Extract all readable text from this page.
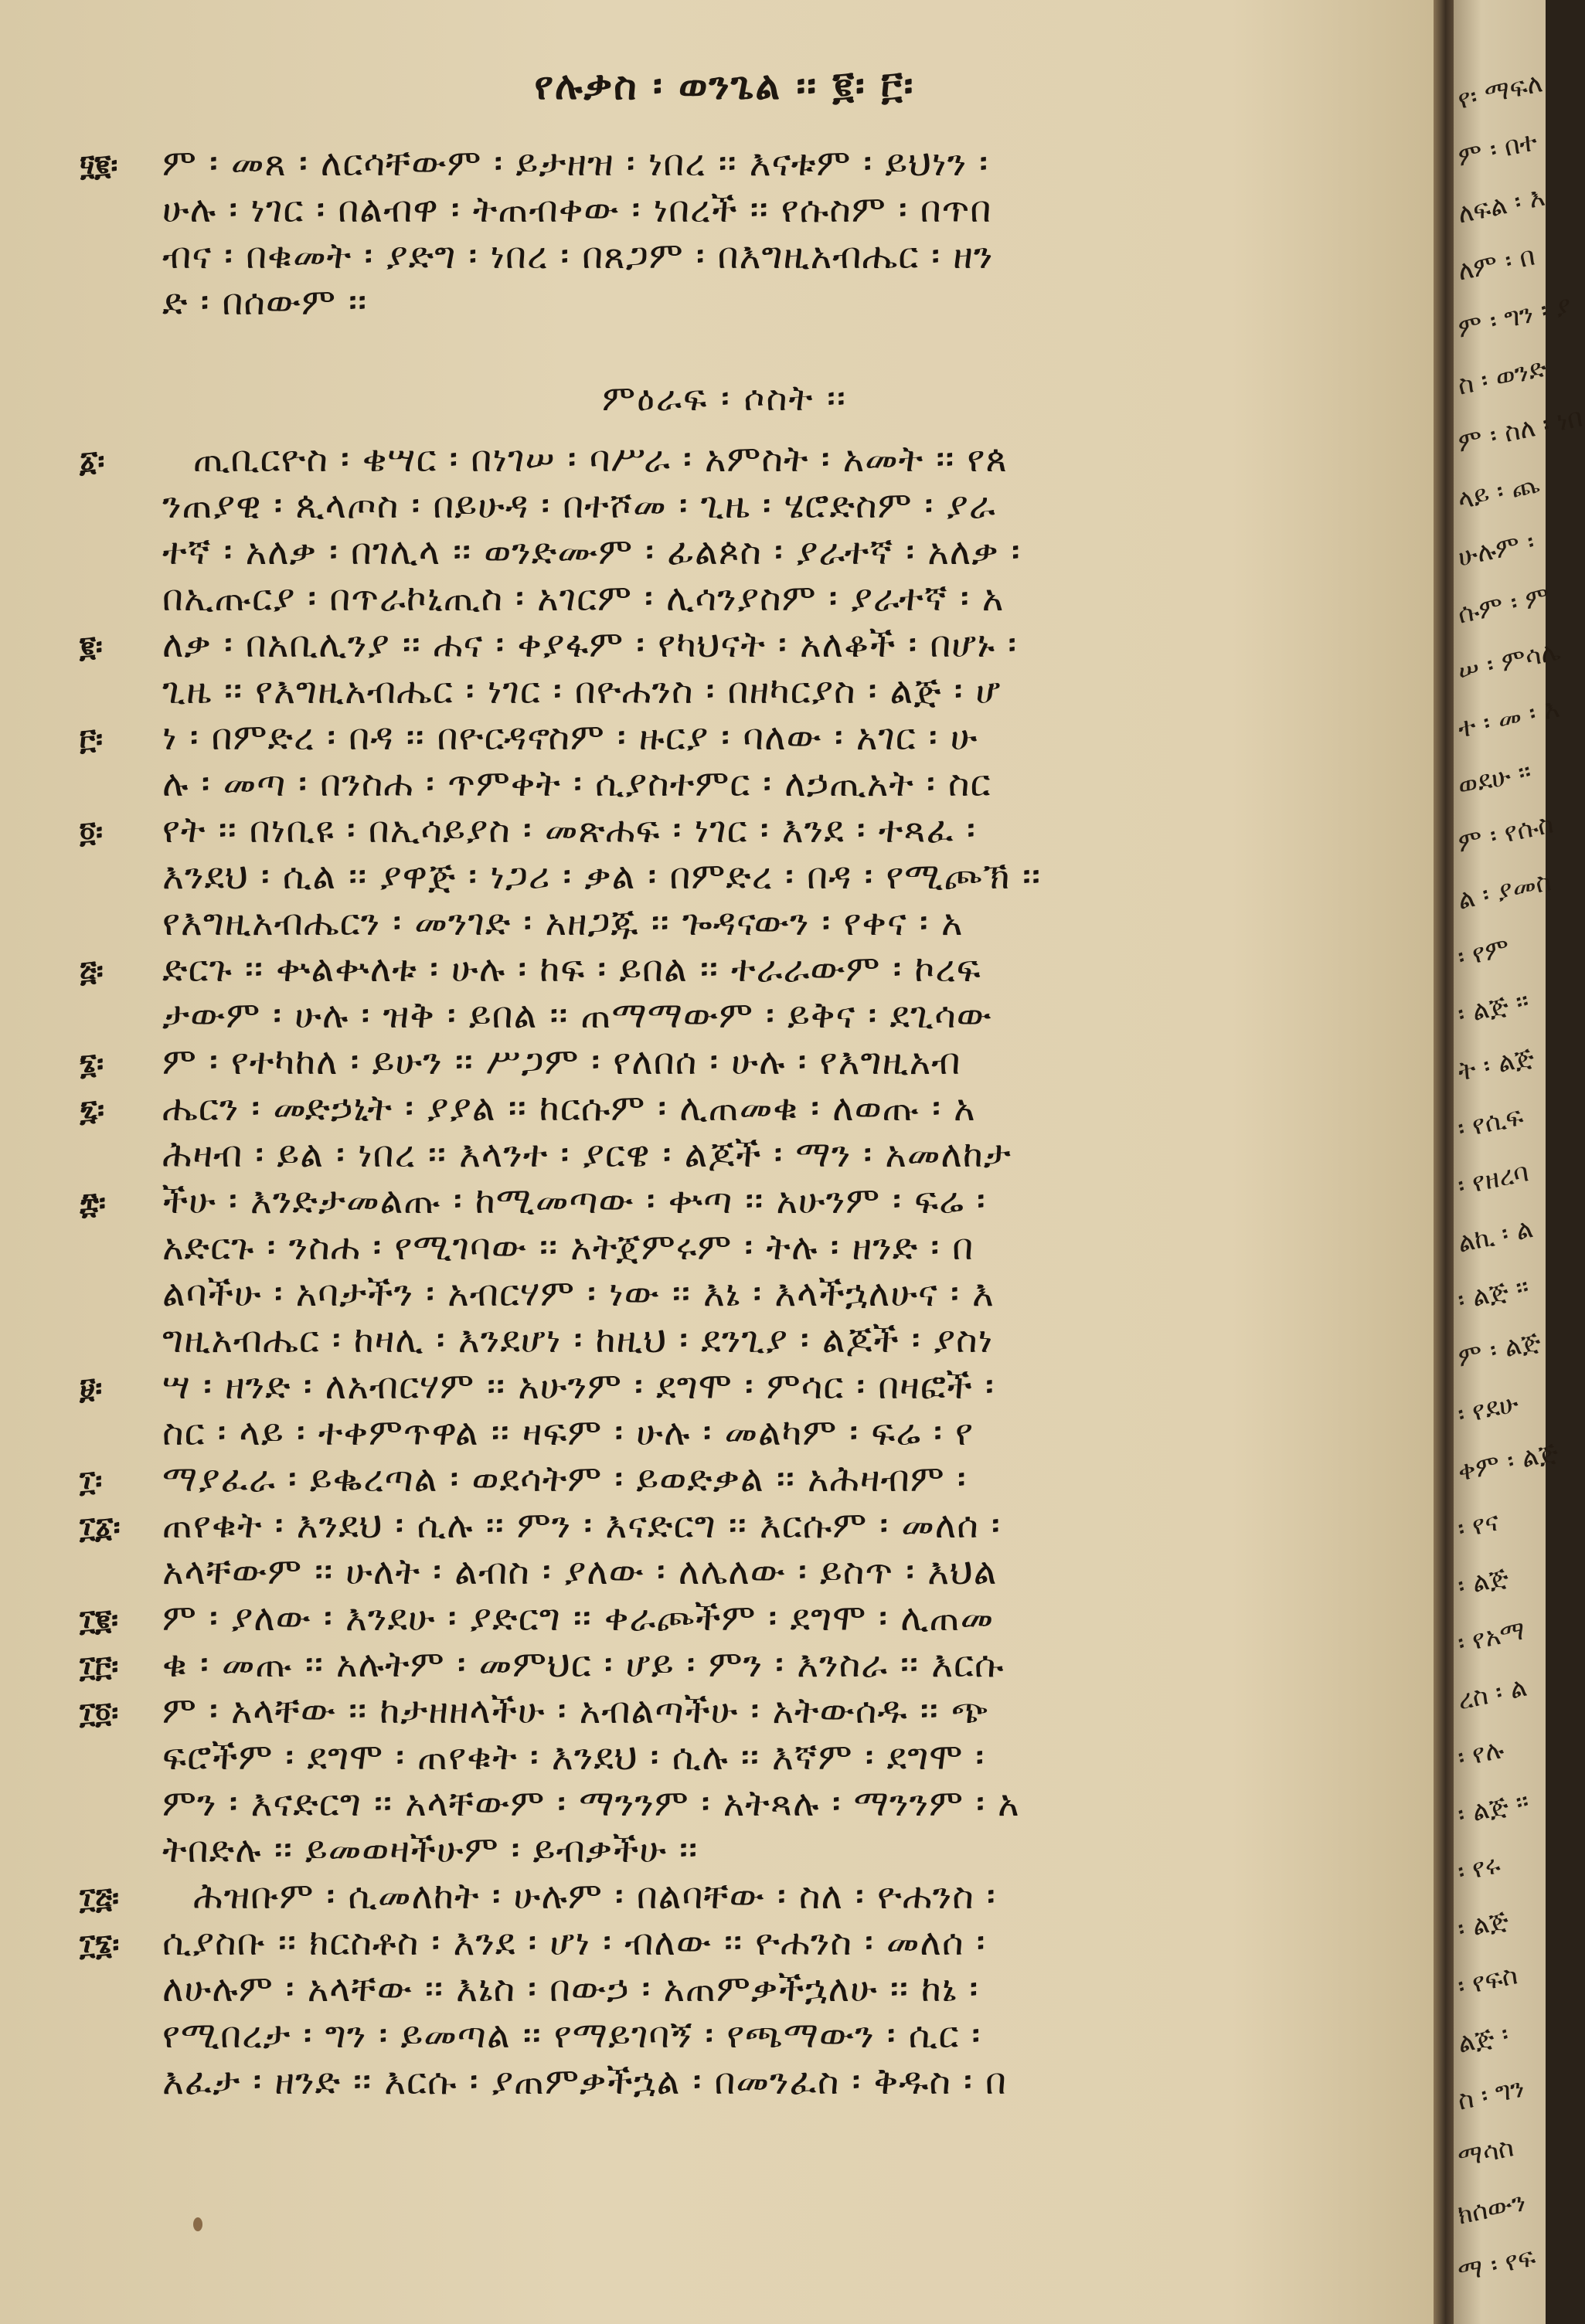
የሉቃስ ፡ ወንጌል ፡፡ ፪፡ ፫፡
ም ፡ መጸ ፡ ለርሳቸውም ፡ ይታዘዝ ፡ ነበረ ፡፡ እናቱም ፡ ይህነን ፡
ሁሉ ፡ ነገር ፡ በልብዋ ፡ ትጠብቀው ፡ ነበረች ፡፡ የሱስም ፡ በጥበ
ብና ፡ በቁመት ፡ ያድግ ፡ ነበረ ፡ በጸጋም ፡ በእግዚአብሔር ፡ ዘን
ድ ፡ በሰውም ፡፡
ምዕራፍ ፡ ሶስት ፡፡
ጢቢርዮስ ፡ ቄሣር ፡ በነገሠ ፡ ባሥራ ፡ አምስት ፡ አመት ፡፡ የጰ
ንጠያዊ ፡ ጲላጦስ ፡ በይሁዳ ፡ በተሾመ ፡ ጊዜ ፡ ሄሮድስም ፡ ያራ
ተኛ ፡ አለቃ ፡ በገሊላ ፡፡ ወንድሙም ፡ ፊልጶስ ፡ ያራተኛ ፡ አለቃ ፡
በኢጡርያ ፡ በጥራኮኒጢስ ፡ አገርም ፡ ሊሳንያስም ፡ ያራተኛ ፡ አ
ለቃ ፡ በአቢሊንያ ፡፡ ሐና ፡ ቀያፋም ፡ የካህናት ፡ አለቆች ፡ በሆኑ ፡
ጊዜ ፡፡ የእግዚአብሔር ፡ ነገር ፡ በዮሐንስ ፡ በዘካርያስ ፡ ልጅ ፡ ሆ
ነ ፡ በምድረ ፡ በዳ ፡፡ በዮርዳኖስም ፡ ዙርያ ፡ ባለው ፡ አገር ፡ ሁ
ሉ ፡ መጣ ፡ በንስሐ ፡ ጥምቀት ፡ ሲያስተምር ፡ ለኃጢአት ፡ ስር
የት ፡፡ በነቢዩ ፡ በኢሳይያስ ፡ መጽሐፍ ፡ ነገር ፡ እንደ ፡ ተጻፈ ፡
እንደህ ፡ ሲል ፡፡ ያዋጅ ፡ ነጋሪ ፡ ቃል ፡ በምድረ ፡ በዳ ፡ የሚጮኽ ፡፡
የእግዚአብሔርን ፡ መንገድ ፡ አዘጋጁ ፡፡ ጐዳናውን ፡ የቀና ፡ አ
ድርጉ ፡፡ ቍልቍለቱ ፡ ሁሉ ፡ ከፍ ፡ ይበል ፡፡ ተራራውም ፡ ኮረፍ
ታውም ፡ ሁሉ ፡ ዝቅ ፡ ይበል ፡፡ ጠማማውም ፡ ይቅና ፡ ደጊሳው
ም ፡ የተካከለ ፡ ይሁን ፡፡ ሥጋም ፡ የለበሰ ፡ ሁሉ ፡ የእግዚአብ
ሔርን ፡ መድኃኒት ፡ ያያል ፡፡ ከርሱም ፡ ሊጠመቁ ፡ ለወጡ ፡ አ
ሕዛብ ፡ ይል ፡ ነበረ ፡፡ እላንተ ፡ ያርዌ ፡ ልጆች ፡ ማን ፡ አመለከታ
ችሁ ፡ እንድታመልጡ ፡ ከሚመጣው ፡ ቍጣ ፡፡ አሁንም ፡ ፍሬ ፡
አድርጉ ፡ ንስሐ ፡ የሚገባው ፡፡ አትጀምሩም ፡ ትሉ ፡ ዘንድ ፡ በ
ልባችሁ ፡ አባታችን ፡ አብርሃም ፡ ነው ፡፡ እኔ ፡ እላችኋለሁና ፡ እ
ግዚአብሔር ፡ ከዛሊ ፡ እንደሆነ ፡ ከዚህ ፡ ደንጊያ ፡ ልጆች ፡ ያስነ
ሣ ፡ ዘንድ ፡ ለአብርሃም ፡፡ አሁንም ፡ ደግሞ ፡ ምሳር ፡ በዛፎች ፡
ስር ፡ ላይ ፡ ተቀምጥዋል ፡፡ ዛፍም ፡ ሁሉ ፡ መልካም ፡ ፍሬ ፡ የ
ማያፈራ ፡ ይቈረጣል ፡ ወደሳትም ፡ ይወድቃል ፡፡ አሕዛብም ፡
ጠየቁት ፡ እንደህ ፡ ሲሉ ፡፡ ምን ፡ እናድርግ ፡፡ እርሱም ፡ መለሰ ፡
አላቸውም ፡፡ ሁለት ፡ ልብስ ፡ ያለው ፡ ለሌለው ፡ ይስጥ ፡ እህል
ም ፡ ያለው ፡ እንደሁ ፡ ያድርግ ፡፡ ቀራጮችም ፡ ደግሞ ፡ ሊጠመ
ቁ ፡ መጡ ፡፡ አሉትም ፡ መምህር ፡ ሆይ ፡ ምን ፡ እንስራ ፡፡ እርሱ
ም ፡ አላቸው ፡፡ ከታዘዘላችሁ ፡ አብልጣችሁ ፡ አትውሰዱ ፡፡ ጭ
ፍሮችም ፡ ደግሞ ፡ ጠየቁት ፡ እንደህ ፡ ሲሉ ፡፡ እኛም ፡ ደግሞ ፡
ምን ፡ እናድርግ ፡፡ አላቸውም ፡ ማንንም ፡ አትጻሉ ፡ ማንንም ፡ አ
ትበድሉ ፡፡ ይመወዛችሁም ፡ ይብቃችሁ ፡፡
ሕዝቡም ፡ ሲመለከት ፡ ሁሉም ፡ በልባቸው ፡ ስለ ፡ ዮሐንስ ፡
ሲያስቡ ፡፡ ክርስቶስ ፡ እንደ ፡ ሆነ ፡ ብለው ፡፡ ዮሐንስ ፡ መለሰ ፡
ለሁሉም ፡ አላቸው ፡፡ እኔስ ፡ በውኃ ፡ አጠምቃችኋለሁ ፡፡ ከኔ ፡
የሚበረታ ፡ ግን ፡ ይመጣል ፡፡ የማይገባኝ ፡ የጫማውን ፡ ሲር ፡
እፈታ ፡ ዘንድ ፡፡ እርሱ ፡ ያጠምቃችኋል ፡ በመንፈስ ፡ ቅዱስ ፡ በ
፶፪፡
፩፡
፪፡
፫፡
፬፡
፭፡
፮፡
፯፡
፰፡
፱፡
፲፡
፲፩፡
፲፪፡
፲፫፡
፲፬፡
፲፭፡
፲፮፡
የ፡ ማፍለ
ም ፡ በተ
ለፍል ፡ እ
ለም ፡ በ
ም ፡ ግን ፡ ያ
ስ ፡ ወንድ
ም ፡ ስለ ፡ ነበ
ላይ ፡ ጨ
ሁሉም ፡
ሱም ፡ ም
ሠ ፡ ምሳሌ
ተ ፡ መ ፡ እ
ወደሁ ፡፡
ም ፡ የሱስ
ል ፡ ያመስ
፡ የም
፡ ልጅ ፡፡
ት ፡ ልጅ
፡ የሲፍ
፡ የዘረባ
ልኪ ፡ ል
፡ ልጅ ፡፡
ም ፡ ልጅ
፡ የደሁ
ቀም ፡ ልጅ
፡ የና
፡ ልጅ
፡ የአማ
ረስ ፡ ል
፡ የሉ
፡ ልጅ ፡፡
፡ የሩ
፡ ልጅ
፡ የፍስ
ልጅ ፡
ስ ፡ ግን
ማሳስ
ክሰውን
ማ ፡ የፍ
